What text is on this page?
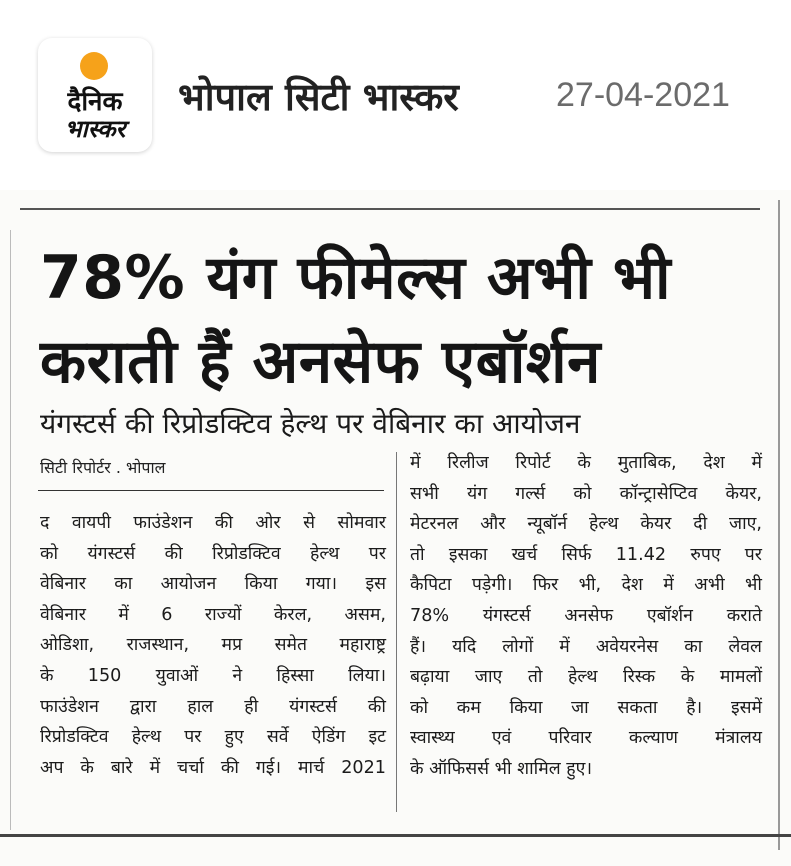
दैनिक
भास्कर
भोपाल सिटी भास्कर	27-04-2021
78% यंग फीमेल्स अभी भी
कराती हैं अनसेफ एबॉर्शन
यंगस्टर्स की रिप्रोडक्टिव हेल्थ पर वेबिनार का आयोजन
सिटी रिपोर्टर . भोपाल
द वायपी फाउंडेशन की ओर से सोमवार
को यंगस्टर्स की रिप्रोडक्टिव हेल्थ पर
वेबिनार का आयोजन किया गया। इस
वेबिनार में 6 राज्यों केरल, असम,
ओडिशा, राजस्थान, मप्र समेत महाराष्ट्र
के 150 युवाओं ने हिस्सा लिया।
फाउंडेशन द्वारा हाल ही यंगस्टर्स की
रिप्रोडक्टिव हेल्थ पर हुए सर्वे ऐडिंग इट
अप के बारे में चर्चा की गई। मार्च 2021
में रिलीज रिपोर्ट के मुताबिक, देश में
सभी यंग गर्ल्स को कॉन्ट्रासेप्टिव केयर,
मेटरनल और न्यूबॉर्न हेल्थ केयर दी जाए,
तो इसका खर्च सिर्फ 11.42 रुपए पर
कैपिटा पड़ेगी। फिर भी, देश में अभी भी
78% यंगस्टर्स अनसेफ एबॉर्शन कराते
हैं। यदि लोगों में अवेयरनेस का लेवल
बढ़ाया जाए तो हेल्थ रिस्क के मामलों
को कम किया जा सकता है। इसमें
स्वास्थ्य एवं परिवार कल्याण मंत्रालय
के ऑफिसर्स भी शामिल हुए।
